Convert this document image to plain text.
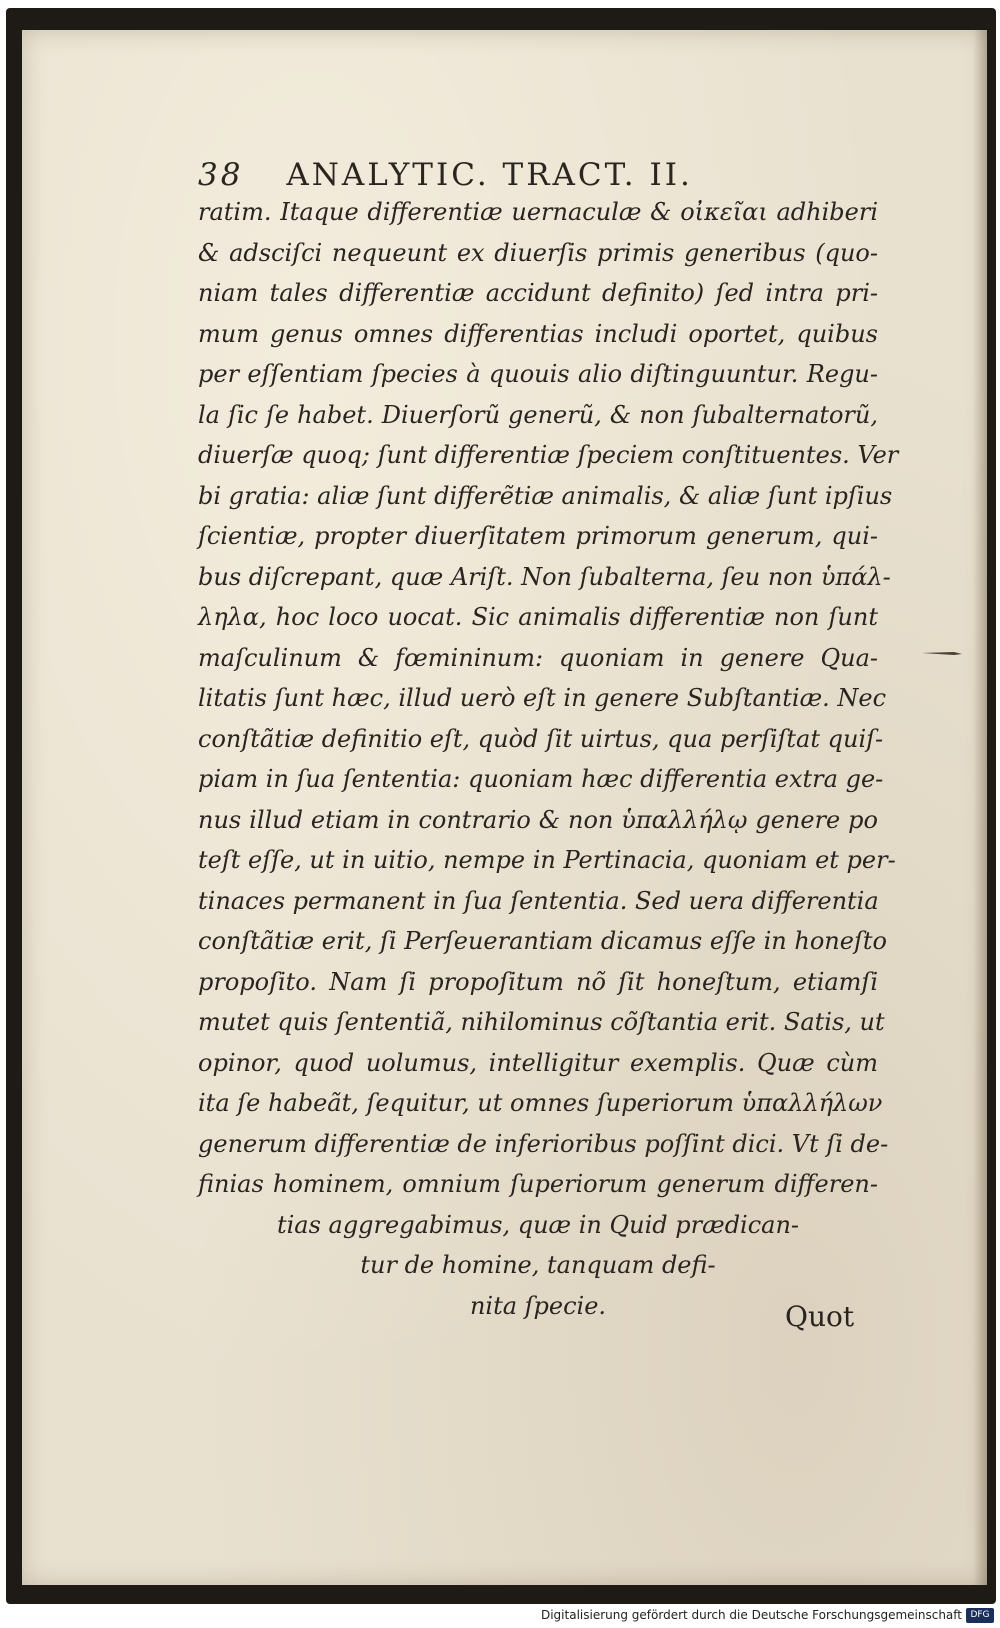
38 ANALYTIC. TRACT. II.
ratim. Itaque differentiæ uernaculæ & οἰκεῖαι adhiberi
& adsciſci nequeunt ex diuerſis primis generibus (quo-
niam tales differentiæ accidunt definito) ſed intra pri-
mum genus omnes differentias includi oportet, quibus
per eſſentiam ſpecies à quouis alio diſtinguuntur. Regu-
la ſic ſe habet. Diuerſorũ generũ, & non ſubalternatorũ,
diuerſæ quoq; ſunt differentiæ ſpeciem conſtituentes. Ver
bi gratia: aliæ ſunt differẽtiæ animalis, & aliæ ſunt ipſius
ſcientiæ, propter diuerſitatem primorum generum, qui-
bus diſcrepant, quæ Ariſt. Non ſubalterna, ſeu non ὑπάλ-
ληλα, hoc loco uocat. Sic animalis differentiæ non ſunt
maſculinum & fœmininum: quoniam in genere Qua-
litatis ſunt hæc, illud uerò eſt in genere Subſtantiæ. Nec
conſtãtiæ definitio eſt, quòd ſit uirtus, qua perſiſtat quiſ-
piam in ſua ſententia: quoniam hæc differentia extra ge-
nus illud etiam in contrario & non ὑπαλλήλῳ genere po
teſt eſſe, ut in uitio, nempe in Pertinacia, quoniam et per-
tinaces permanent in ſua ſententia. Sed uera differentia
conſtãtiæ erit, ſi Perſeuerantiam dicamus eſſe in honeſto
propoſito. Nam ſi propoſitum nõ ſit honeſtum, etiamſi
mutet quis ſententiã, nihilominus cõſtantia erit. Satis, ut
opinor, quod uolumus, intelligitur exemplis. Quæ cùm
ita ſe habeãt, ſequitur, ut omnes ſuperiorum ὑπαλλήλων
generum differentiæ de inferioribus poſſint dici. Vt ſi de-
finias hominem, omnium ſuperiorum generum differen-
tias aggregabimus, quæ in Quid prædican-
tur de homine, tanquam defi-
nita ſpecie.	Quot
Digitalisierung gefördert durch die Deutsche Forschungsgemeinschaft DFG
